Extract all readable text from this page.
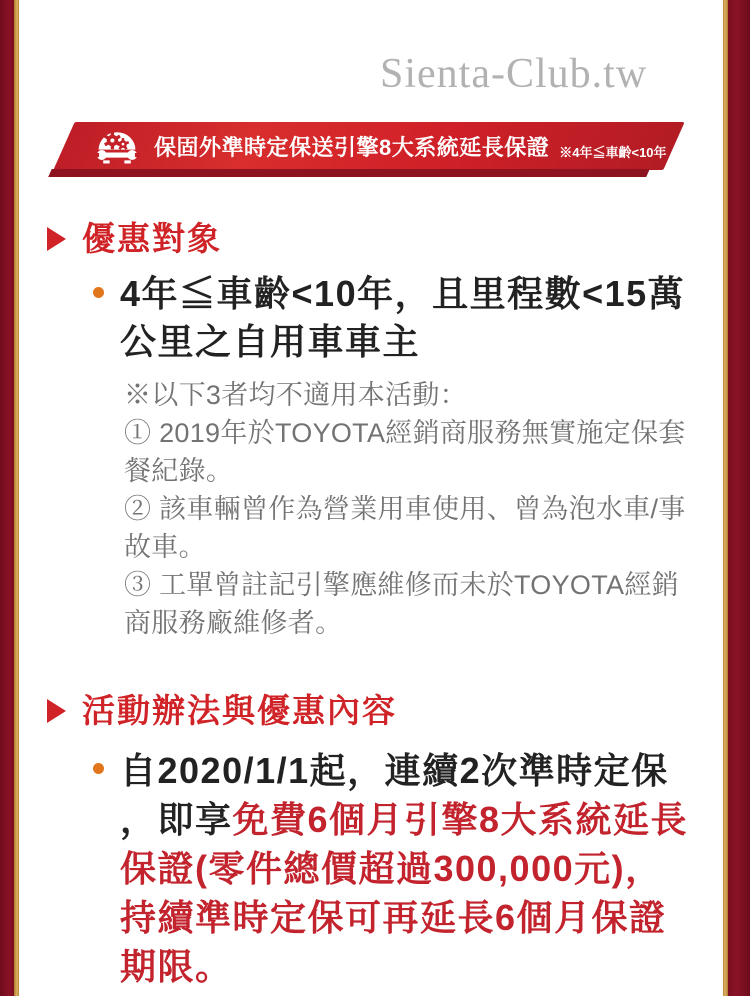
Sienta-Club.tw
保固外準時定保送引擎8大系統延長保證 ※4年≦車齡<10年
優惠對象

4年≦車齡<10年，且里程數<15萬公里之自用車車主

※以下3者均不適用本活動：
① 2019年於TOYOTA經銷商服務無實施定保套餐紀錄。
② 該車輛曾作為營業用車使用、曾為泡水車/事故車。
③ 工單曾註記引擎應維修而未於TOYOTA經銷商服務廠維修者。
活動辦法與優惠內容

自2020/1/1起，連續2次準時定保，即享免費6個月引擎8大系統延長保證(零件總價超過300,000元)，持續準時定保可再延長6個月保證期限。
